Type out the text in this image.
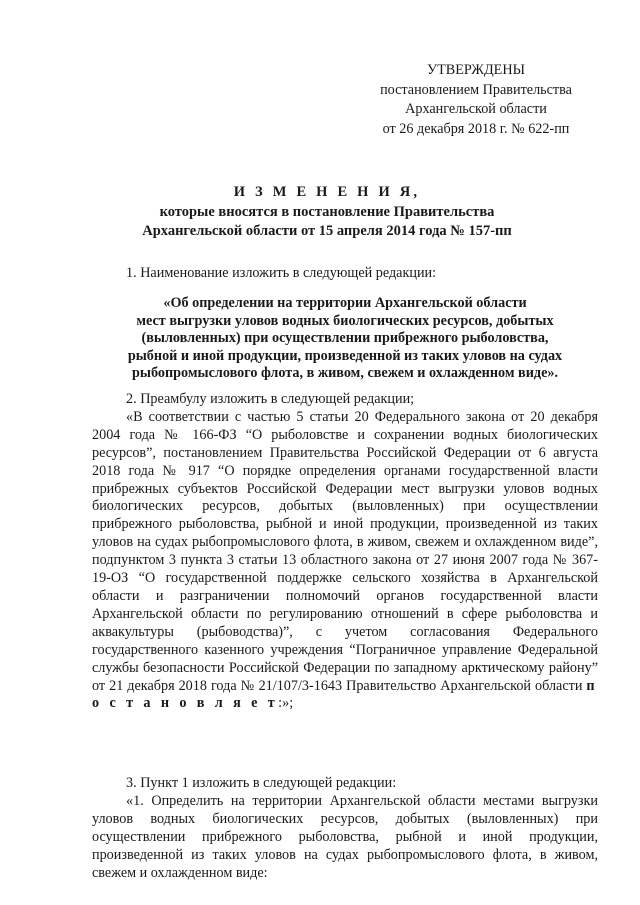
УТВЕРЖДЕНЫ
постановлением Правительства
Архангельской области
от 26 декабря 2018 г. № 622-пп
И З М Е Н Е Н И Я,
которые вносятся в постановление Правительства
Архангельской области от 15 апреля 2014 года № 157-пп
1. Наименование изложить в следующей редакции:
«Об определении на территории Архангельской области
мест выгрузки уловов водных биологических ресурсов, добытых
(выловленных) при осуществлении прибрежного рыболовства,
рыбной и иной продукции, произведенной из таких уловов на судах
рыбопромыслового флота, в живом, свежем и охлажденном виде».
2. Преамбулу изложить в следующей редакции;
«В соответствии с частью 5 статьи 20 Федерального закона от 20 декабря 2004 года № 166-ФЗ “О рыболовстве и сохранении водных биологических ресурсов”, постановлением Правительства Российской Федерации от 6 августа 2018 года № 917 “О порядке определения органами государственной власти прибрежных субъектов Российской Федерации мест выгрузки уловов водных биологических ресурсов, добытых (выловленных) при осуществлении прибрежного рыболовства, рыбной и иной продукции, произведенной из таких уловов на судах рыбопромыслового флота, в живом, свежем и охлажденном виде”, подпунктом 3 пункта 3 статьи 13 областного закона от 27 июня 2007 года № 367-19-ОЗ “О государственной поддержке сельского хозяйства в Архангельской области и разграничении полномочий органов государственной власти Архангельской области по регулированию отношений в сфере рыболовства и аквакультуры (рыбоводства)”, с учетом согласования Федерального государственного казенного учреждения “Пограничное управление Федеральной службы безопасности Российской Федерации по западному арктическому району” от 21 декабря 2018 года № 21/107/3-1643 Правительство Архангельской области п о с т а н о в л я е т:»;
3. Пункт 1 изложить в следующей редакции:
«1. Определить на территории Архангельской области местами выгрузки уловов водных биологических ресурсов, добытых (выловленных) при осуществлении прибрежного рыболовства, рыбной и иной продукции, произведенной из таких уловов на судах рыбопромыслового флота, в живом, свежем и охлажденном виде:
